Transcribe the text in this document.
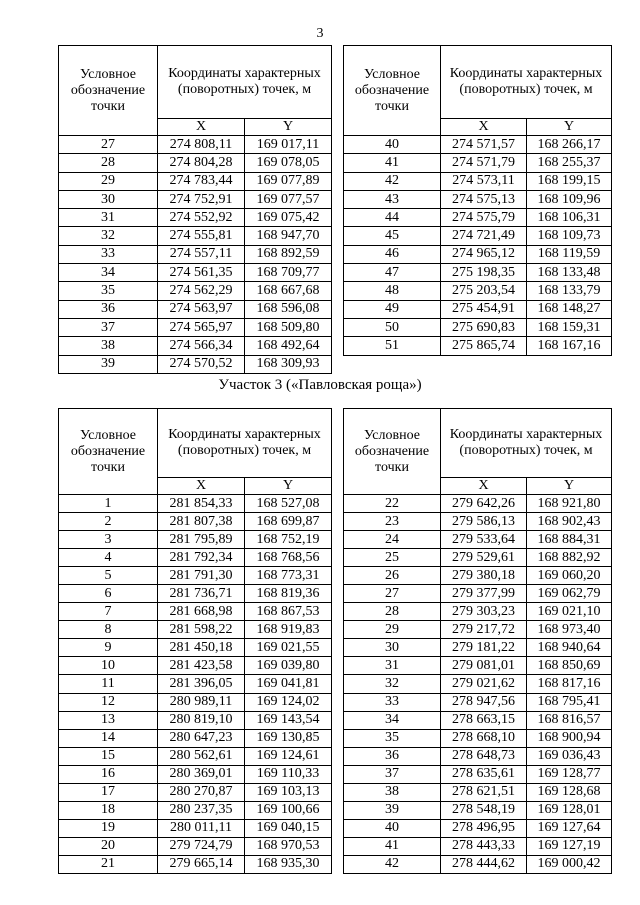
3
Условное обозначение точки	Координаты характерных (поворотных) точек, м	
	X	Y
27	274 808,11	169 017,11
28	274 804,28	169 078,05
29	274 783,44	169 077,89
30	274 752,91	169 077,57
31	274 552,92	169 075,42
32	274 555,81	168 947,70
33	274 557,11	168 892,59
34	274 561,35	168 709,77
35	274 562,29	168 667,68
36	274 563,97	168 596,08
37	274 565,97	168 509,80
38	274 566,34	168 492,64
39	274 570,52	168 309,93
Условное обозначение точки	Координаты характерных (поворотных) точек, м	
	X	Y
40	274 571,57	168 266,17
41	274 571,79	168 255,37
42	274 573,11	168 199,15
43	274 575,13	168 109,96
44	274 575,79	168 106,31
45	274 721,49	168 109,73
46	274 965,12	168 119,59
47	275 198,35	168 133,48
48	275 203,54	168 133,79
49	275 454,91	168 148,27
50	275 690,83	168 159,31
51	275 865,74	168 167,16
Участок 3 («Павловская роща»)
Условное обозначение точки	Координаты характерных (поворотных) точек, м	
	X	Y
1	281 854,33	168 527,08
2	281 807,38	168 699,87
3	281 795,89	168 752,19
4	281 792,34	168 768,56
5	281 791,30	168 773,31
6	281 736,71	168 819,36
7	281 668,98	168 867,53
8	281 598,22	168 919,83
9	281 450,18	169 021,55
10	281 423,58	169 039,80
11	281 396,05	169 041,81
12	280 989,11	169 124,02
13	280 819,10	169 143,54
14	280 647,23	169 130,85
15	280 562,61	169 124,61
16	280 369,01	169 110,33
17	280 270,87	169 103,13
18	280 237,35	169 100,66
19	280 011,11	169 040,15
20	279 724,79	168 970,53
21	279 665,14	168 935,30
Условное обозначение точки	Координаты характерных (поворотных) точек, м	
	X	Y
22	279 642,26	168 921,80
23	279 586,13	168 902,43
24	279 533,64	168 884,31
25	279 529,61	168 882,92
26	279 380,18	169 060,20
27	279 377,99	169 062,79
28	279 303,23	169 021,10
29	279 217,72	168 973,40
30	279 181,22	168 940,64
31	279 081,01	168 850,69
32	279 021,62	168 817,16
33	278 947,56	168 795,41
34	278 663,15	168 816,57
35	278 668,10	168 900,94
36	278 648,73	169 036,43
37	278 635,61	169 128,77
38	278 621,51	169 128,68
39	278 548,19	169 128,01
40	278 496,95	169 127,64
41	278 443,33	169 127,19
42	278 444,62	169 000,42
